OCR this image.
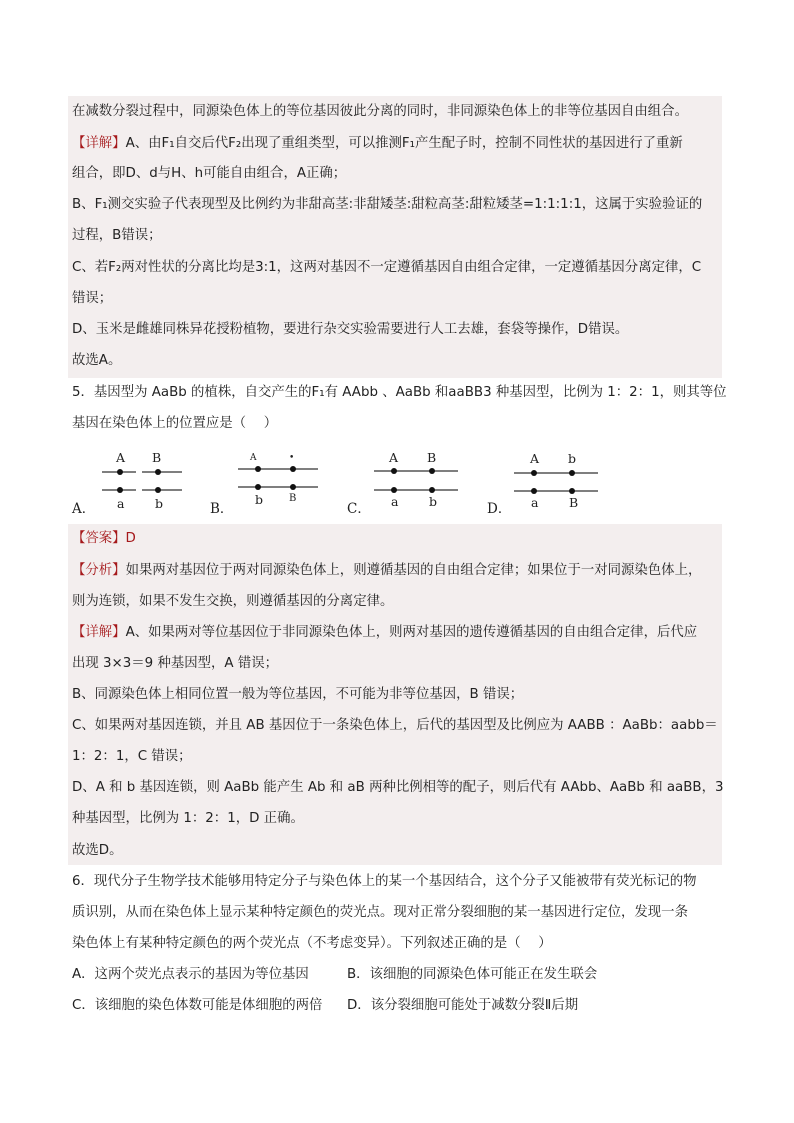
在减数分裂过程中，同源染色体上的等位基因彼此分离的同时，非同源染色体上的非等位基因自由组合。
【详解】A、由F₁自交后代F₂出现了重组类型，可以推测F₁产生配子时，控制不同性状的基因进行了重新
组合，即D、d与H、h可能自由组合，A正确；
B、F₁测交实验子代表现型及比例约为非甜高茎:非甜矮茎:甜粒高茎:甜粒矮茎=1:1:1:1，这属于实验验证的
过程，B错误；
C、若F₂两对性状的分离比均是3:1，这两对基因不一定遵循基因自由组合定律，一定遵循基因分离定律，C
错误；
D、玉米是雌雄同株异花授粉植物，要进行杂交实验需要进行人工去雄，套袋等操作，D错误。
故选A。
5．基因型为 AaBb 的植株，自交产生的F₁有 AAbb 、AaBb 和aaBB3 种基因型，比例为 1：2：1，则其等位
基因在染色体上的位置应是（　 ）
A．
A B
a b	B．
A	•
b	B
C．
A B
a b	D．
A b
a B
【答案】D
【分析】如果两对基因位于两对同源染色体上，则遵循基因的自由组合定律；如果位于一对同源染色体上，
则为连锁，如果不发生交换，则遵循基因的分离定律。
【详解】A、如果两对等位基因位于非同源染色体上，则两对基因的遗传遵循基因的自由组合定律，后代应
出现 3×3＝9 种基因型，A 错误；
B、同源染色体上相同位置一般为等位基因，不可能为非等位基因，B 错误；
C、如果两对基因连锁，并且 AB 基因位于一条染色体上，后代的基因型及比例应为 AABB ：AaBb：aabb＝
1：2：1，C 错误；
D、A 和 b 基因连锁，则 AaBb 能产生 Ab 和 aB 两种比例相等的配子，则后代有 AAbb、AaBb 和 aaBB，3
种基因型，比例为 1：2：1，D 正确。
故选D。
6．现代分子生物学技术能够用特定分子与染色体上的某一个基因结合，这个分子又能被带有荧光标记的物
质识别，从而在染色体上显示某种特定颜色的荧光点。现对正常分裂细胞的某一基因进行定位，发现一条
染色体上有某种特定颜色的两个荧光点（不考虑变异）。下列叙述正确的是（　 ）
A．这两个荧光点表示的基因为等位基因	B．该细胞的同源染色体可能正在发生联会
C．该细胞的染色体数可能是体细胞的两倍 D．该分裂细胞可能处于减数分裂Ⅱ后期
